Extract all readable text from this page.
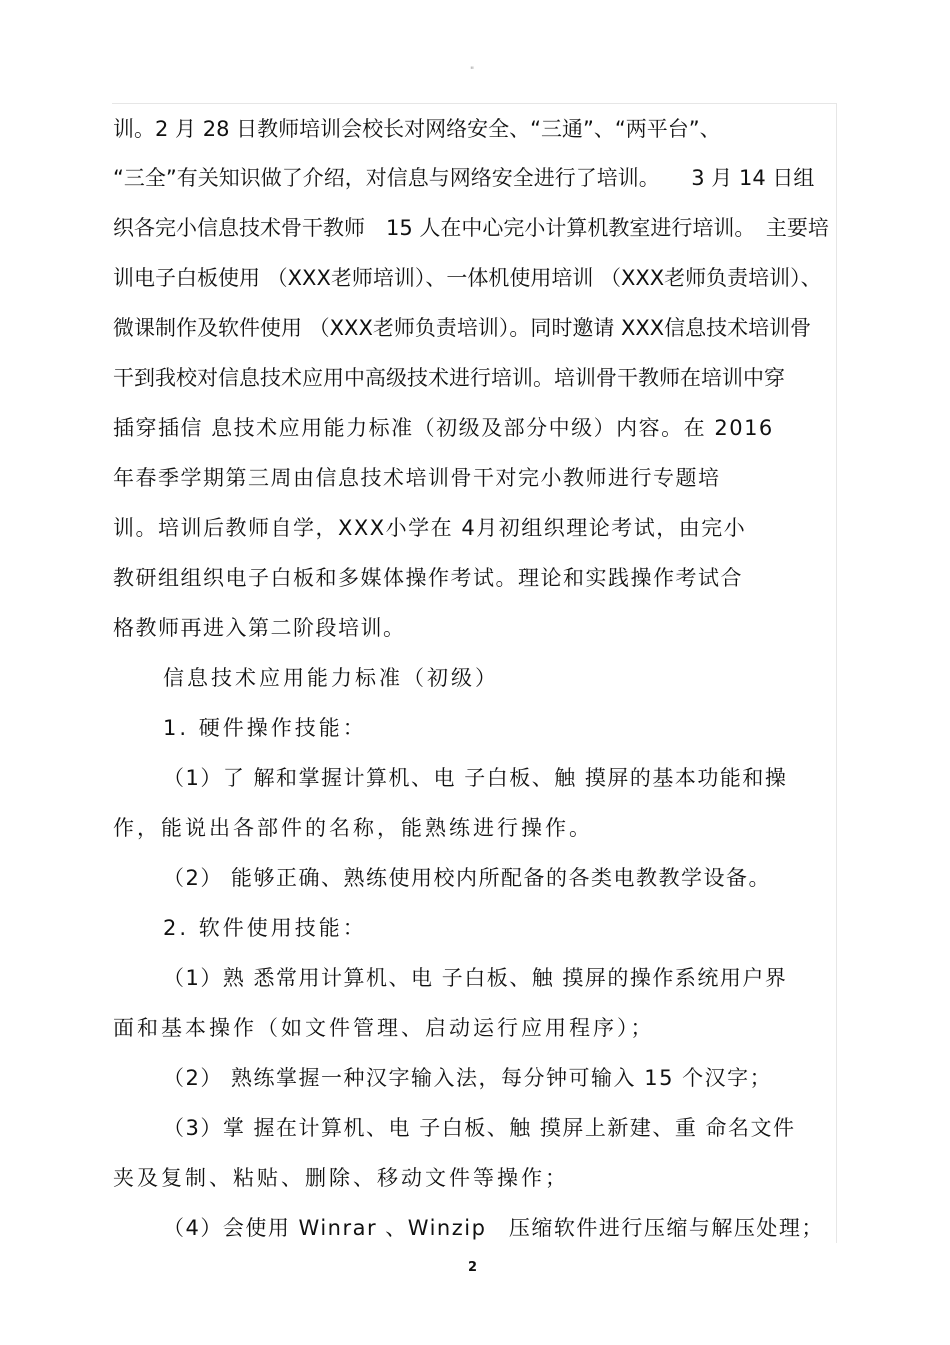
"
训。2 月 28 日教师培训会校长对网络安全、“三通”、“两平台”、
“三全”有关知识做了介绍，对信息与网络安全进行了培训。　　3 月 14 日组
织各完小信息技术骨干教师　15 人在中心完小计算机教室进行培训。　主要培
训电子白板使用 （XXX老师培训）、一体机使用培训 （XXX老师负责培训）、
微课制作及软件使用 （XXX老师负责培训）。同时邀请 XXX信息技术培训骨
干到我校对信息技术应用中高级技术进行培训。培训骨干教师在培训中穿
插穿插信 息技术应用能力标准（初级及部分中级）内容。在 2016
年春季学期第三周由信息技术培训骨干对完小教师进行专题培
训。培训后教师自学，XXX小学在 4月初组织理论考试，由完小
教研组组织电子白板和多媒体操作考试。理论和实践操作考试合
格教师再进入第二阶段培训。
信息技术应用能力标准（初级）
1. 硬件操作技能：
（1）了 解和掌握计算机、电 子白板、触 摸屏的基本功能和操
作，能说出各部件的名称，能熟练进行操作。
（2） 能够正确、熟练使用校内所配备的各类电教教学设备。
2. 软件使用技能：
（1）熟 悉常用计算机、电 子白板、触 摸屏的操作系统用户界
面和基本操作（如文件管理、启动运行应用程序）；
（2） 熟练掌握一种汉字输入法，每分钟可输入 15 个汉字；
（3）掌 握在计算机、电 子白板、触 摸屏上新建、重 命名文件
夹及复制、粘贴、删除、移动文件等操作；
（4）会使用 Winrar 、Winzip　压缩软件进行压缩与解压处理；
2
